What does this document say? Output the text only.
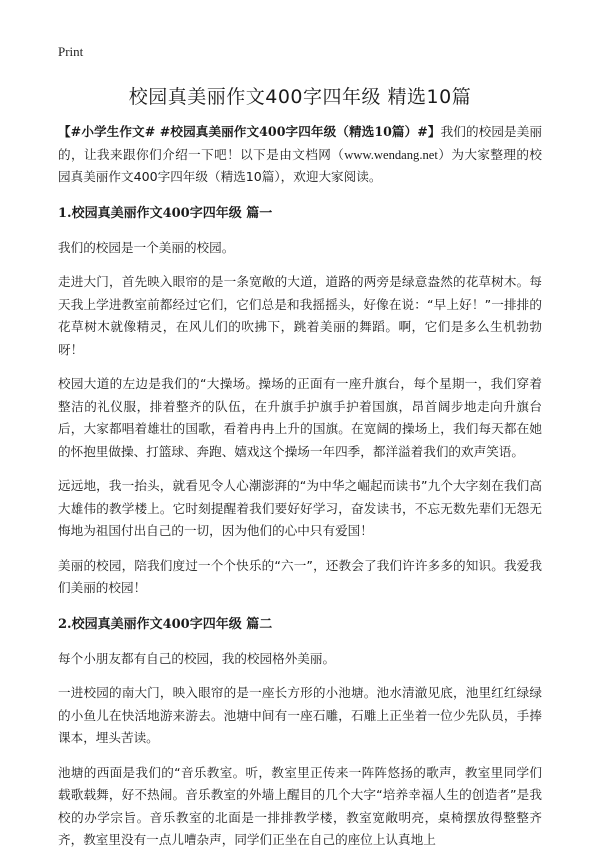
Print
校园真美丽作文400字四年级 精选10篇

【#小学生作文# #校园真美丽作文400字四年级（精选10篇）#】我们的校园是美丽的，让我来跟你们介绍一下吧！以下是由文档网（www.wendang.net）为大家整理的校园真美丽作文400字四年级（精选10篇），欢迎大家阅读。

1.校园真美丽作文400字四年级 篇一

我们的校园是一个美丽的校园。

走进大门，首先映入眼帘的是一条宽敞的大道，道路的两旁是绿意盎然的花草树木。每天我上学进教室前都经过它们，它们总是和我摇摇头，好像在说：“早上好！”一排排的花草树木就像精灵，在风儿们的吹拂下，跳着美丽的舞蹈。啊，它们是多么生机勃勃呀！

校园大道的左边是我们的“大操场。操场的正面有一座升旗台，每个星期一，我们穿着整洁的礼仪服，排着整齐的队伍，在升旗手护旗手护着国旗，昂首阔步地走向升旗台后，大家都唱着雄壮的国歌，看着冉冉上升的国旗。在宽阔的操场上，我们每天都在她的怀抱里做操、打篮球、奔跑、嬉戏这个操场一年四季，都洋溢着我们的欢声笑语。

远远地，我一抬头，就看见令人心潮澎湃的“为中华之崛起而读书”九个大字刻在我们高大雄伟的教学楼上。它时刻提醒着我们要好好学习，奋发读书，不忘无数先辈们无怨无悔地为祖国付出自己的一切，因为他们的心中只有爱国！

美丽的校园，陪我们度过一个个快乐的“六一”，还教会了我们许许多多的知识。我爱我们美丽的校园！

2.校园真美丽作文400字四年级 篇二

每个小朋友都有自己的校园，我的校园格外美丽。

一进校园的南大门，映入眼帘的是一座长方形的小池塘。池水清澈见底，池里红红绿绿的小鱼儿在快活地游来游去。池塘中间有一座石雕，石雕上正坐着一位少先队员，手捧课本，埋头苦读。

池塘的西面是我们的“音乐教室。听，教室里正传来一阵阵悠扬的歌声，教室里同学们载歌载舞，好不热闹。音乐教室的外墙上醒目的几个大字“培养幸福人生的创造者”是我校的办学宗旨。音乐教室的北面是一排排教学楼，教室宽敞明亮，桌椅摆放得整整齐齐，教室里没有一点儿嘈杂声，同学们正坐在自己的座位上认真地上
